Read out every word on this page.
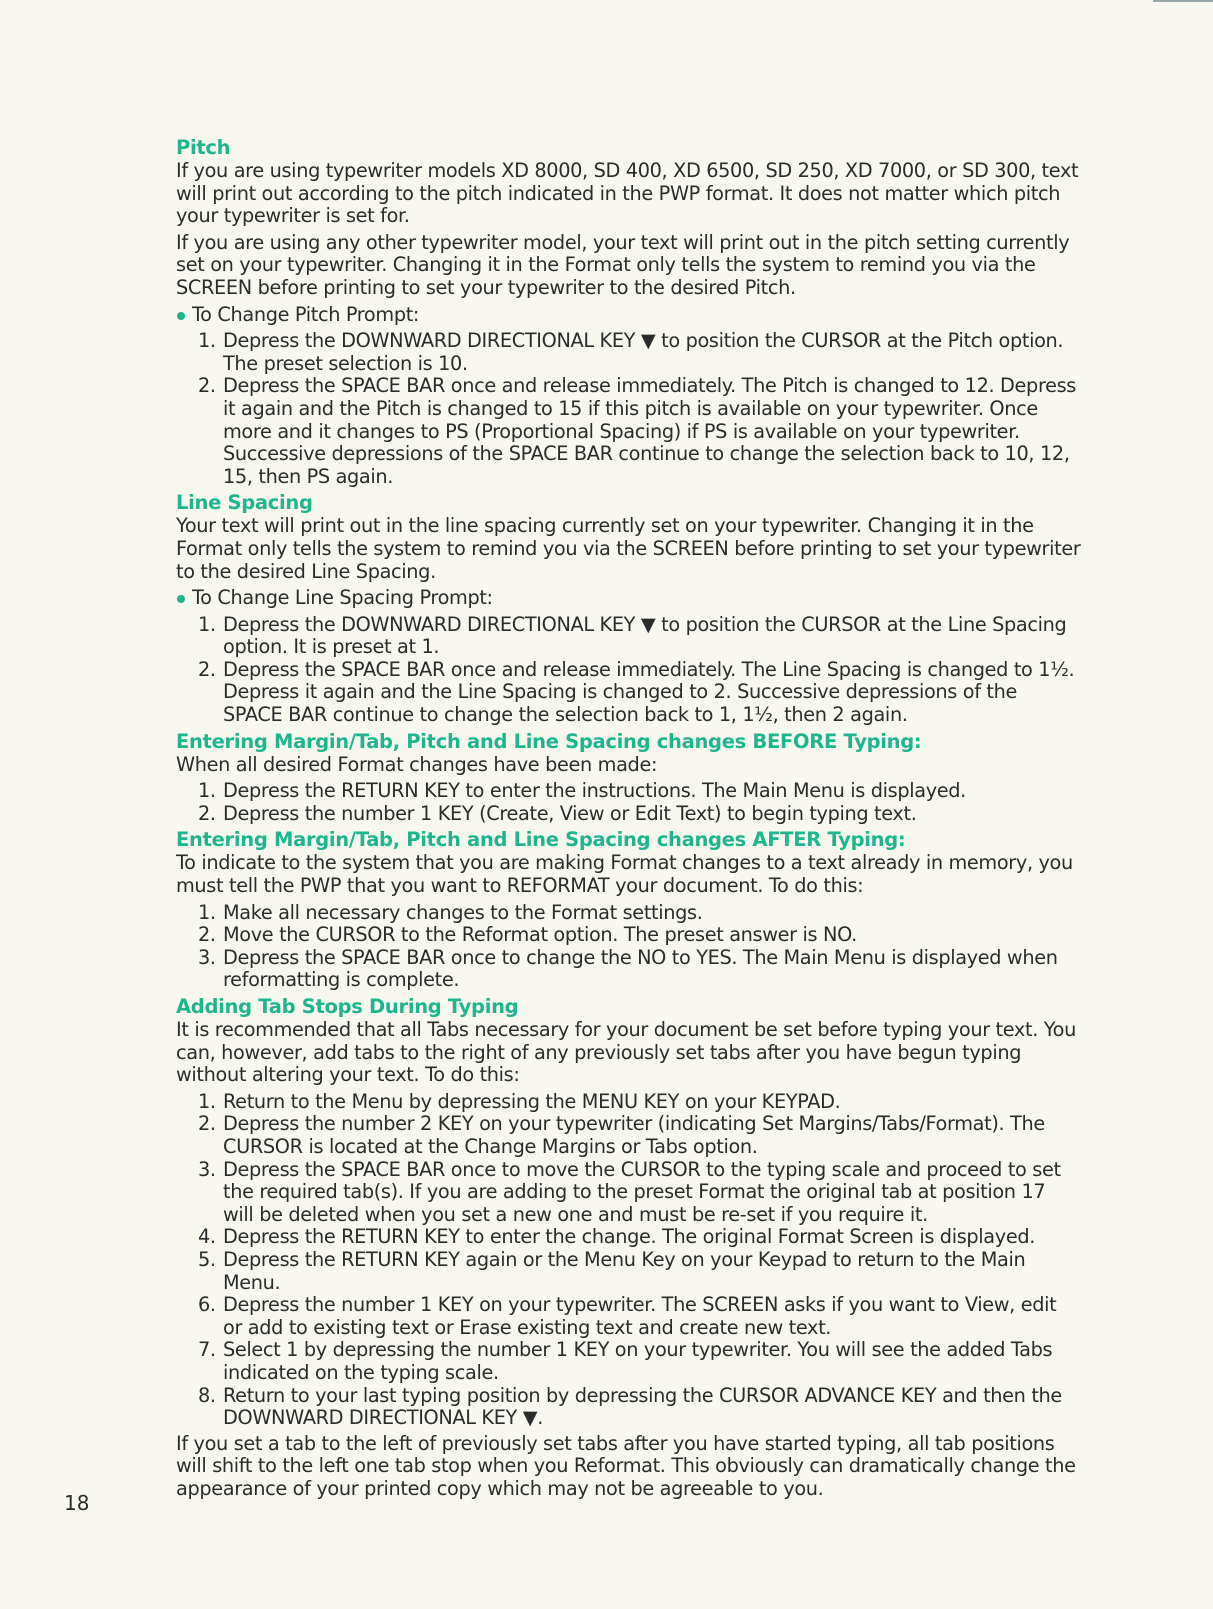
Pitch

If you are using typewriter models XD 8000, SD 400, XD 6500, SD 250, XD 7000, or SD 300, text will print out according to the pitch indicated in the PWP format. It does not matter which pitch your typewriter is set for.

If you are using any other typewriter model, your text will print out in the pitch setting currently set on your typewriter. Changing it in the Format only tells the system to remind you via the SCREEN before printing to set your typewriter to the desired Pitch.

To Change Pitch Prompt:
1. Depress the DOWNWARD DIRECTIONAL KEY ▼ to position the CURSOR at the Pitch option. The preset selection is 10.
2. Depress the SPACE BAR once and release immediately. The Pitch is changed to 12. Depress it again and the Pitch is changed to 15 if this pitch is available on your typewriter. Once more and it changes to PS (Proportional Spacing) if PS is available on your typewriter. Successive depressions of the SPACE BAR continue to change the selection back to 10, 12, 15, then PS again.
Line Spacing

Your text will print out in the line spacing currently set on your typewriter. Changing it in the Format only tells the system to remind you via the SCREEN before printing to set your typewriter to the desired Line Spacing.

To Change Line Spacing Prompt:
1. Depress the DOWNWARD DIRECTIONAL KEY ▼ to position the CURSOR at the Line Spacing option. It is preset at 1.
2. Depress the SPACE BAR once and release immediately. The Line Spacing is changed to 1½. Depress it again and the Line Spacing is changed to 2. Successive depressions of the SPACE BAR continue to change the selection back to 1, 1½, then 2 again.
Entering Margin/Tab, Pitch and Line Spacing changes BEFORE Typing:

When all desired Format changes have been made:

1. Depress the RETURN KEY to enter the instructions. The Main Menu is displayed.
2. Depress the number 1 KEY (Create, View or Edit Text) to begin typing text.
Entering Margin/Tab, Pitch and Line Spacing changes AFTER Typing:

To indicate to the system that you are making Format changes to a text already in memory, you must tell the PWP that you want to REFORMAT your document. To do this:

1. Make all necessary changes to the Format settings.
2. Move the CURSOR to the Reformat option. The preset answer is NO.
3. Depress the SPACE BAR once to change the NO to YES. The Main Menu is displayed when reformatting is complete.
Adding Tab Stops During Typing

It is recommended that all Tabs necessary for your document be set before typing your text. You can, however, add tabs to the right of any previously set tabs after you have begun typing without altering your text. To do this:

1. Return to the Menu by depressing the MENU KEY on your KEYPAD.
2. Depress the number 2 KEY on your typewriter (indicating Set Margins/Tabs/Format). The CURSOR is located at the Change Margins or Tabs option.
3. Depress the SPACE BAR once to move the CURSOR to the typing scale and proceed to set the required tab(s). If you are adding to the preset Format the original tab at position 17 will be deleted when you set a new one and must be re-set if you require it.
4. Depress the RETURN KEY to enter the change. The original Format Screen is displayed.
5. Depress the RETURN KEY again or the Menu Key on your Keypad to return to the Main Menu.
6. Depress the number 1 KEY on your typewriter. The SCREEN asks if you want to View, edit or add to existing text or Erase existing text and create new text.
7. Select 1 by depressing the number 1 KEY on your typewriter. You will see the added Tabs indicated on the typing scale.
8. Return to your last typing position by depressing the CURSOR ADVANCE KEY and then the DOWNWARD DIRECTIONAL KEY ▼.

If you set a tab to the left of previously set tabs after you have started typing, all tab positions will shift to the left one tab stop when you Reformat. This obviously can dramatically change the appearance of your printed copy which may not be agreeable to you.

18
